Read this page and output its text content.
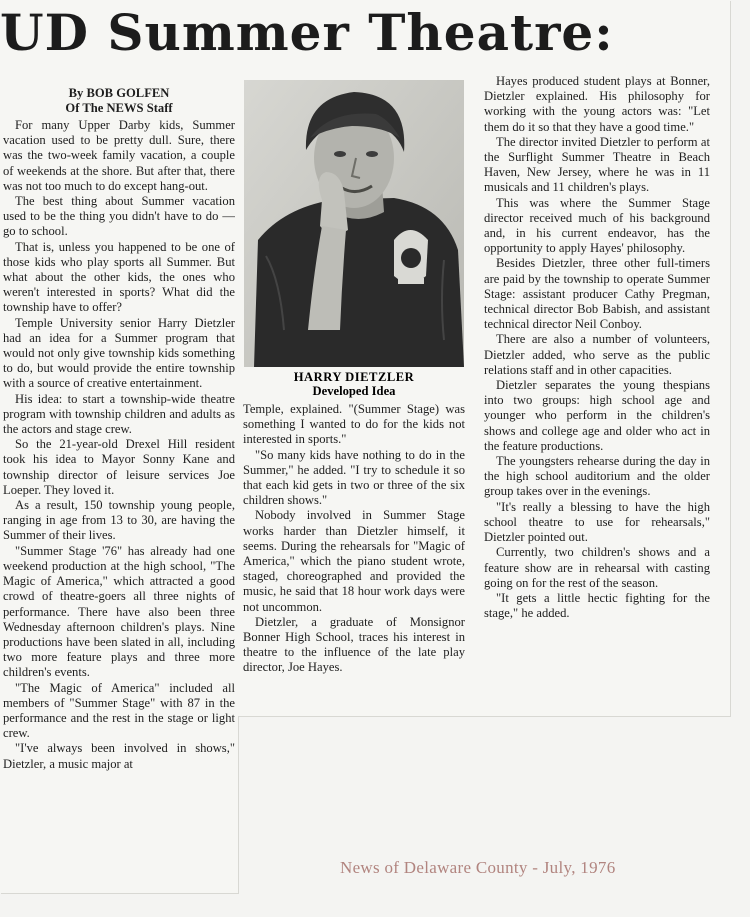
UD Summer Theatre:
By BOB GOLFEN
Of The NEWS Staff

For many Upper Darby kids, Summer vacation used to be pretty dull. Sure, there was the two-week family vacation, a couple of weekends at the shore. But after that, there was not too much to do except hang-out.

The best thing about Summer vacation used to be the thing you didn't have to do — go to school.

That is, unless you happened to be one of those kids who play sports all Summer. But what about the other kids, the ones who weren't interested in sports? What did the township have to offer?

Temple University senior Harry Dietzler had an idea for a Summer program that would not only give township kids something to do, but would provide the entire township with a source of creative entertainment.

His idea: to start a township-wide theatre program with township children and adults as the actors and stage crew.

So the 21-year-old Drexel Hill resident took his idea to Mayor Sonny Kane and township director of leisure services Joe Loeper. They loved it.

As a result, 150 township young people, ranging in age from 13 to 30, are having the Summer of their lives.

"Summer Stage '76" has already had one weekend production at the high school, "The Magic of America," which attracted a good crowd of theatre-goers all three nights of performance. There have also been three Wednesday afternoon children's plays. Nine productions have been slated in all, including two more feature plays and three more children's events.

"The Magic of America" included all members of "Summer Stage" with 87 in the performance and the rest in the stage or light crew.

"I've always been involved in shows," Dietzler, a music major at

HARRY DIETZLER
Developed Idea

Temple, explained. "(Summer Stage) was something I wanted to do for the kids not interested in sports."

"So many kids have nothing to do in the Summer," he added. "I try to schedule it so that each kid gets in two or three of the six children shows."

Nobody involved in Summer Stage works harder than Dietzler himself, it seems. During the rehearsals for "Magic of America," which the piano student wrote, staged, choreographed and provided the music, he said that 18 hour work days were not uncommon.

Dietzler, a graduate of Monsignor Bonner High School, traces his interest in theatre to the influence of the late play director, Joe Hayes.

Hayes produced student plays at Bonner, Dietzler explained. His philosophy for working with the young actors was: "Let them do it so that they have a good time."

The director invited Dietzler to perform at the Surflight Summer Theatre in Beach Haven, New Jersey, where he was in 11 musicals and 11 children's plays.

This was where the Summer Stage director received much of his background and, in his current endeavor, has the opportunity to apply Hayes' philosophy.

Besides Dietzler, three other full-timers are paid by the township to operate Summer Stage: assistant producer Cathy Pregman, technical director Bob Babish, and assistant technical director Neil Conboy.

There are also a number of volunteers, Dietzler added, who serve as the public relations staff and in other capacities.

Dietzler separates the young thespians into two groups: high school age and younger who perform in the children's shows and college age and older who act in the feature productions.

The youngsters rehearse during the day in the high school auditorium and the older group takes over in the evenings.

"It's really a blessing to have the high school theatre to use for rehearsals," Dietzler pointed out.

Currently, two children's shows and a feature show are in rehearsal with casting going on for the rest of the season.

"It gets a little hectic fighting for the stage," he added.

News of Delaware County - July, 1976
